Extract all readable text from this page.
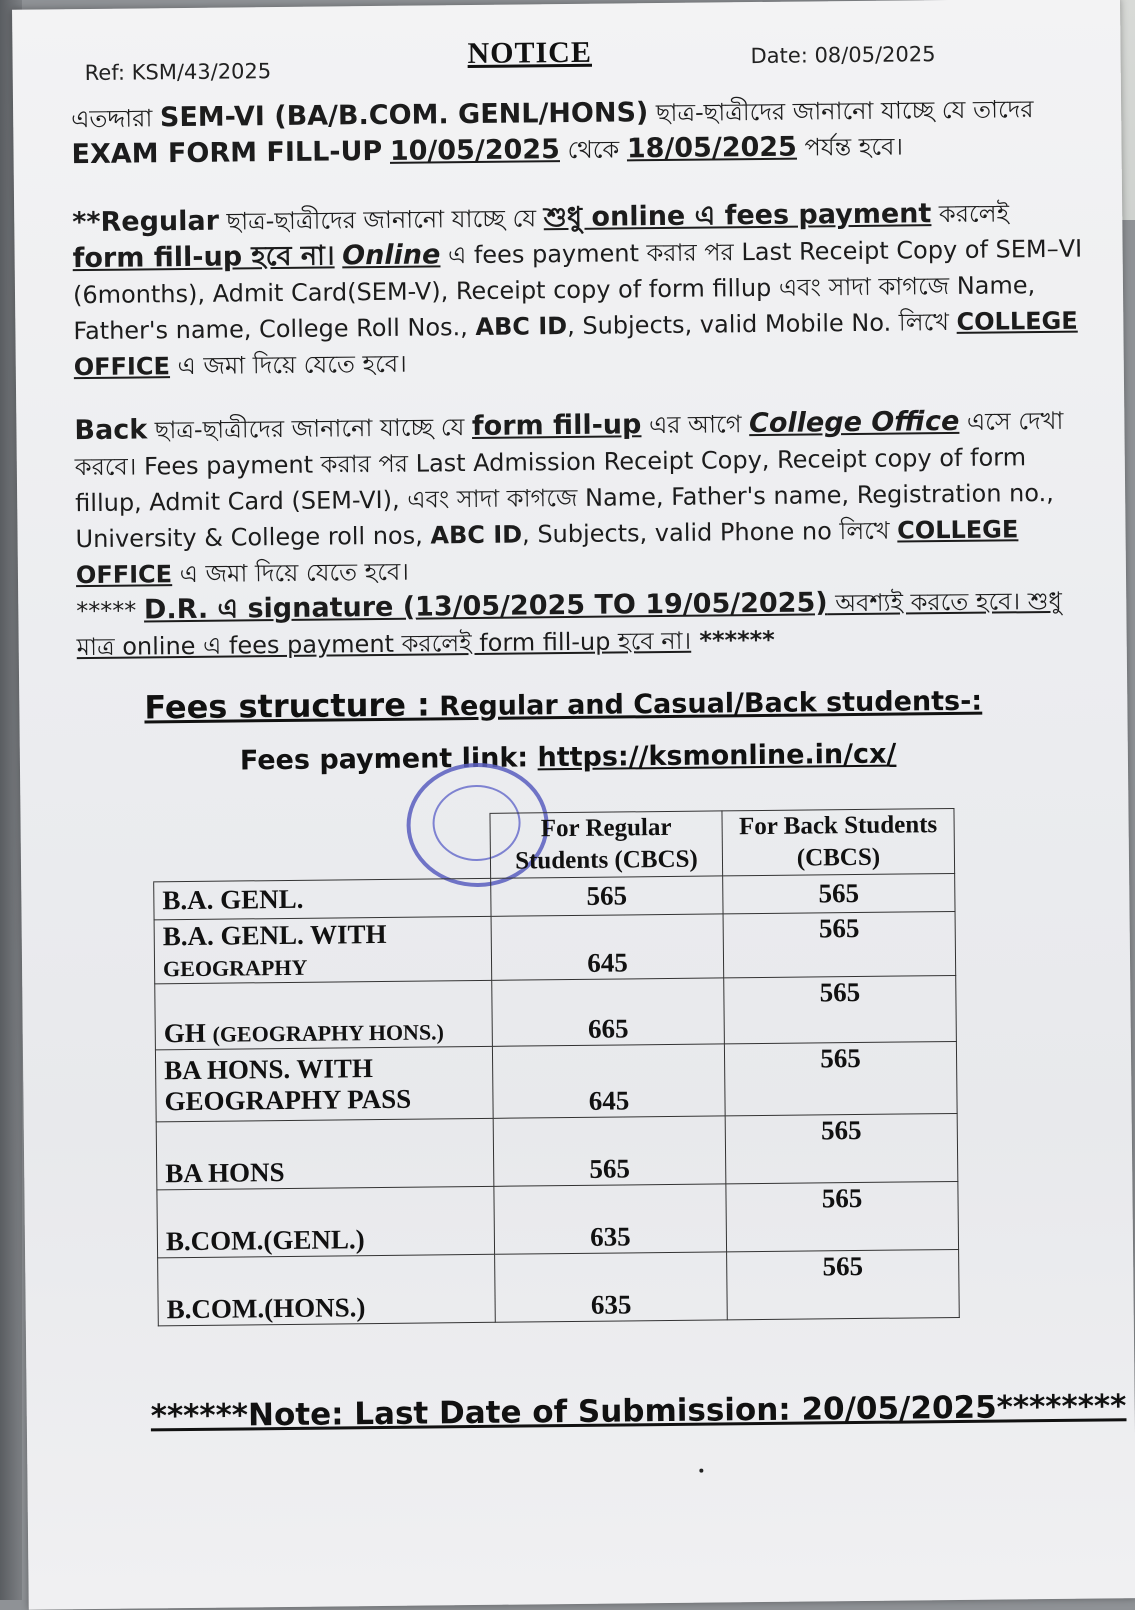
Ref: KSM/43/2025
NOTICE	Date: 08/05/2025
এতদ্দারা SEM-VI (BA/B.COM. GENL/HONS) ছাত্র-ছাত্রীদের জানানো যাচ্ছে যে তাদের EXAM FORM FILL-UP 10/05/2025 থেকে 18/05/2025 পর্যন্ত হবে।
**Regular ছাত্র-ছাত্রীদের জানানো যাচ্ছে যে শুধু online এ fees payment করলেই form fill-up হবে না। Online এ fees payment করার পর Last Receipt Copy of SEM–VI (6months), Admit Card(SEM-V), Receipt copy of form fillup এবং সাদা কাগজে Name, Father's name, College Roll Nos., ABC ID, Subjects, valid Mobile No. লিখে COLLEGE OFFICE এ জমা দিয়ে যেতে হবে।
Back ছাত্র-ছাত্রীদের জানানো যাচ্ছে যে form fill-up এর আগে College Office এসে দেখা করবে। Fees payment করার পর Last Admission Receipt Copy, Receipt copy of form fillup, Admit Card (SEM-VI), এবং সাদা কাগজে Name, Father's name, Registration no., University & College roll nos, ABC ID, Subjects, valid Phone no লিখে COLLEGE OFFICE এ জমা দিয়ে যেতে হবে।
***** D.R. এ signature (13/05/2025 TO 19/05/2025) অবশ্যই করতে হবে। শুধু মাত্র online এ fees payment করলেই form fill-up হবে না। ******
Fees structure : Regular and Casual/Back students-:
Fees payment link: https://ksmonline.in/cx/
	For Regular Students (CBCS)	For Back Students (CBCS)
B.A. GENL.	565	565
B.A. GENL. WITH
GEOGRAPHY	645	565
GH (GEOGRAPHY HONS.)	665	565
BA HONS. WITH
GEOGRAPHY PASS	645	565
BA HONS	565	565
B.COM.(GENL.)	635	565
B.COM.(HONS.)	635	565
******Note: Last Date of Submission: 20/05/2025********
